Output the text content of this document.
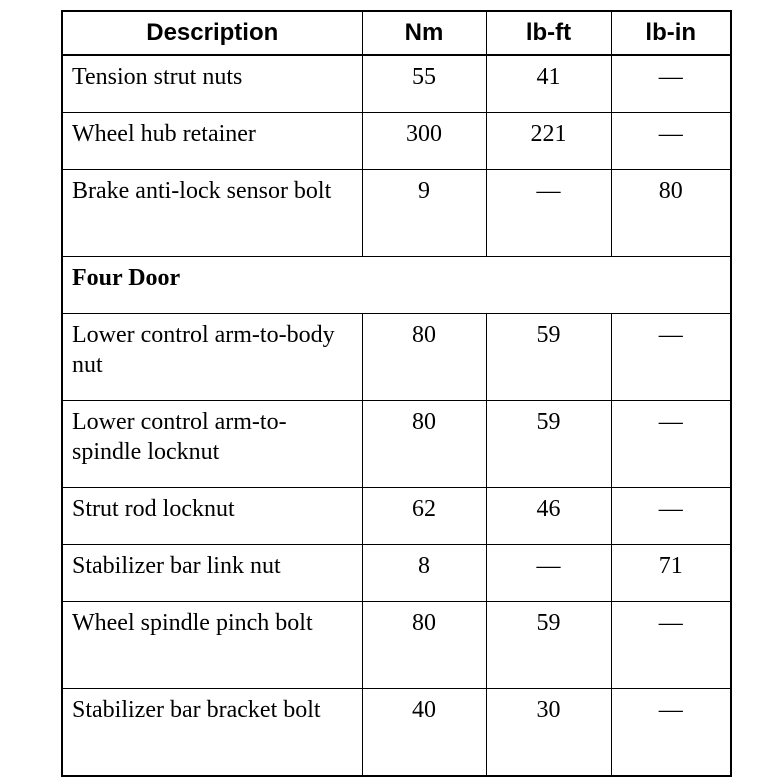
Description	Nm	lb-ft	lb-in
Tension strut nuts	55	41	—
Wheel hub retainer	300	221	—
Brake anti-lock sensor bolt	9	—	80
Four Door			
Lower control arm-to-body nut	80	59	—
Lower control arm-to-spindle locknut	80	59	—
Strut rod locknut	62	46	—
Stabilizer bar link nut	8	—	71
Wheel spindle pinch bolt	80	59	—
Stabilizer bar bracket bolt	40	30	—
